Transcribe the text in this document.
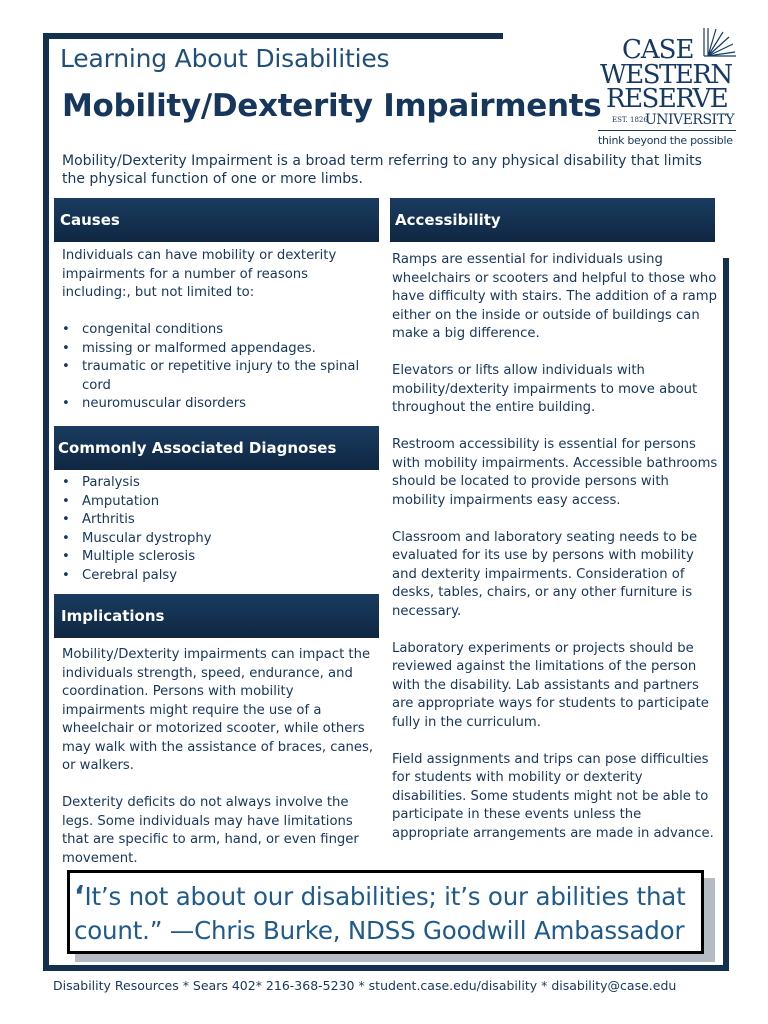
Learning About Disabilities
Mobility/Dexterity Impairments
CASE
WESTERN
RESERVE
EST. 1826
UNIVERSITY
think beyond the possible
Mobility/Dexterity Impairment is a broad term referring to any physical disability that limits the physical function of one or more limbs.
Causes
Individuals can have mobility or dexterity impairments for a number of reasons including:, but not limited to:
• congenital conditions
• missing or malformed appendages.
• traumatic or repetitive injury to the spinal cord
• neuromuscular disorders
Commonly Associated Diagnoses
• Paralysis
• Amputation
• Arthritis
• Muscular dystrophy
• Multiple sclerosis
• Cerebral palsy
Implications

Mobility/Dexterity impairments can impact the individuals strength, speed, endurance, and coordination. Persons with mobility impairments might require the use of a wheelchair or motorized scooter, while others may walk with the assistance of braces, canes, or walkers.

Dexterity deficits do not always involve the legs. Some individuals may have limitations that are specific to arm, hand, or even finger movement.

Accessibility

Ramps are essential for individuals using wheelchairs or scooters and helpful to those who have difficulty with stairs. The addition of a ramp either on the inside or outside of buildings can make a big difference.

Elevators or lifts allow individuals with mobility/dexterity impairments to move about throughout the entire building.

Restroom accessibility is essential for persons with mobility impairments. Accessible bathrooms should be located to provide persons with mobility impairments easy access.

Classroom and laboratory seating needs to be evaluated for its use by persons with mobility and dexterity impairments. Consideration of desks, tables, chairs, or any other furniture is necessary.

Laboratory experiments or projects should be reviewed against the limitations of the person with the disability. Lab assistants and partners are appropriate ways for students to participate fully in the curriculum.

Field assignments and trips can pose difficulties for students with mobility or dexterity disabilities. Some students might not be able to participate in these events unless the appropriate arrangements are made in advance.

‘It’s not about our disabilities; it’s our abilities that count.” —Chris Burke, NDSS Goodwill Ambassador
Disability Resources * Sears 402* 216-368-5230 * student.case.edu/disability * disability@case.edu
